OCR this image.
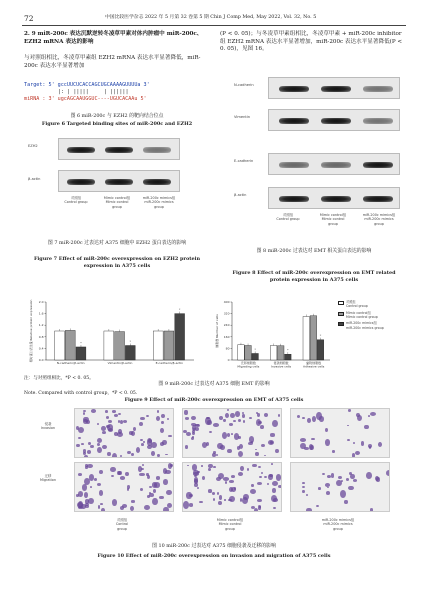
72	中国比较医学杂志 2022 年 5 月第 32 卷第 5 期 Chin J Comp Med, May 2022, Vol. 32, No. 5
2. 9 miR-200c 表达沉默逆转冬凌草甲素对体内肿瘤中 miR-200c、EZH2 mRNA 表达的影响
与对照组相比，冬凌草甲素组 EZH2 mRNA 表达水平显著降低，miR-200c 表达水平显著增加
(P < 0. 05)；与冬凌草甲素组相比，冬凌草甲素 + miR-200c inhibitor 组 EZH2 mRNA 表达水平显著增加，miR-200c 表达水平显著降低(P < 0. 05)，见图 16。
Target: 5' gccUUCUCACCAGCUGCAAAAGUUUUa 3'
|: | |||||     | ||||||
miRNA : 3' ugcAGCAAUGGUC----UGUCACAAu 5'
图 6 miR-200c 与 EZH2 的靶向结合位点
Figure 6 Targeted binding sites of miR-200c and EZH2
EZH2
β-actin
对照组
Control group
Mimic control组
Mimic control
group
miR-200c mimics组
miR-200c mimics
group
图 7 miR-200c 过表达对 A375 细胞中 EZH2 蛋白表达的影响
Figure 7 Effect of miR-200c overexpression on EZH2 protein expression in A375 cells
N-cadherin
Vimentin
E-cadherin
β-actin
对照组
Control group
Mimic control组
Mimic control
group
miR-200c mimics组
miR-200c mimics
group
图 8 miR-200c 过表达对 EMT 相关蛋白表达的影响
Figure 8 Effect of miR-200c overexpression on EMT related protein expression in A375 cells
0.0
0.4
0.8
1.2
1.6
2.0
相对蛋白表达量 Relative protein expression	*
N-cadherin/β-actin
*
Vimentin/β-actin
*
E-cadherin/β-actin
0
80
160
240
320
400
细胞数 Number of cells
*
迁移细胞数
Migrating cells
*
侵袭细胞数
Invasive cells
*
黏附细胞数
Adhesive cells
对照组
Control group
Mimic control组
Mimic control group
miR-200c mimics组
miR-200c mimics group
注：与对照组相比，*P < 0. 05。
Note. Compared with control group，*P < 0. 05.
图 9 miR-200c 过表达对 A375 细胞 EMT 的影响
Figure 9 Effect of miR-200c overexpression on EMT of A375 cells
侵袭
Invasion
迁移
Migration
对照组
Control
group
Mimic control组
Mimic control
group
miR-200c mimics组
miR-200c mimics
group
图 10 miR-200c 过表达对 A375 细胞侵袭及迁移的影响
Figure 10 Effect of miR-200c overexpression on invasion and migration of A375 cells
